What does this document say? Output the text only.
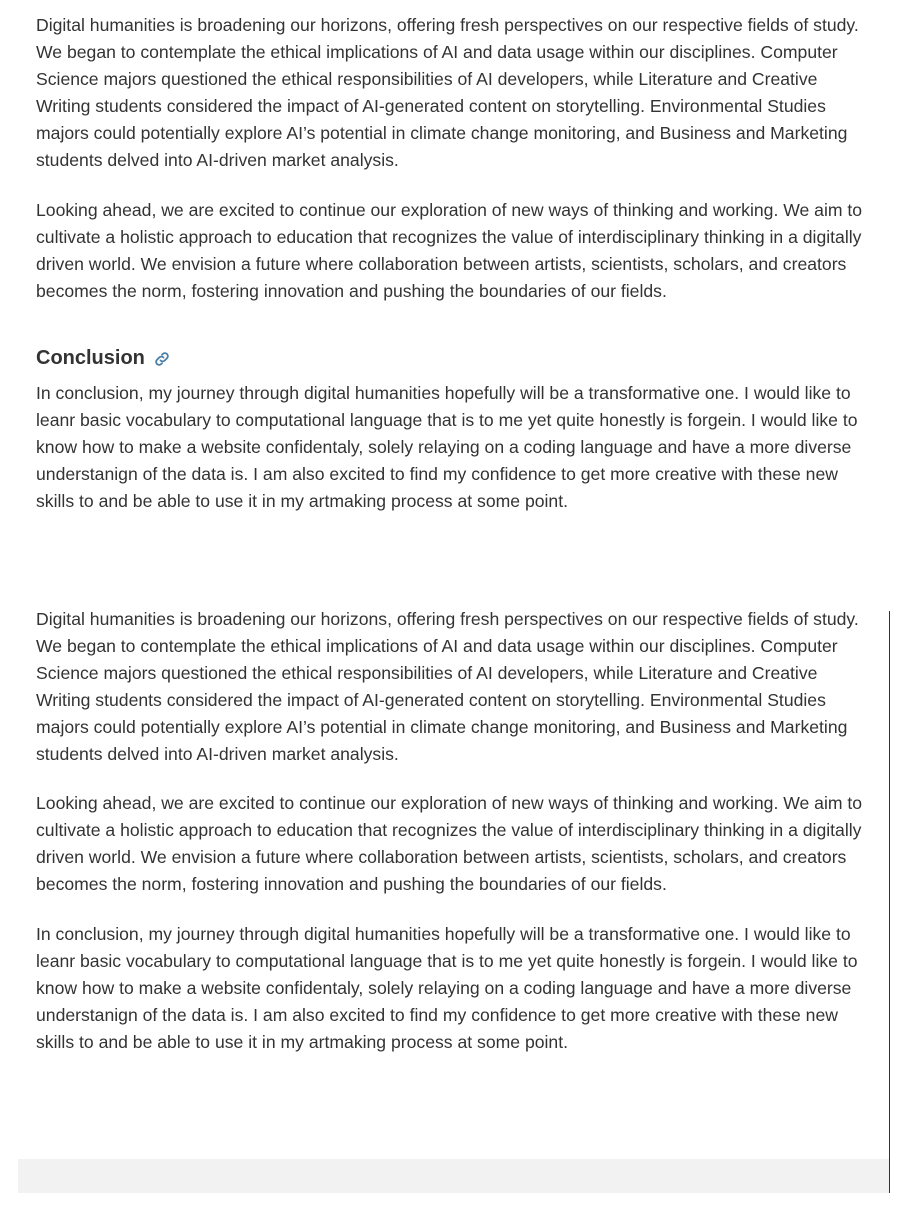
Digital humanities is broadening our horizons, offering fresh perspectives on our respective fields of study. We began to contemplate the ethical implications of AI and data usage within our disciplines. Computer Science majors questioned the ethical responsibilities of AI developers, while Literature and Creative Writing students considered the impact of AI-generated content on storytelling. Environmental Studies majors could potentially explore AI’s potential in climate change monitoring, and Business and Marketing students delved into AI-driven market analysis.

Looking ahead, we are excited to continue our exploration of new ways of thinking and working. We aim to cultivate a holistic approach to education that recognizes the value of interdisciplinary thinking in a digitally driven world. We envision a future where collaboration between artists, scientists, scholars, and creators becomes the norm, fostering innovation and pushing the boundaries of our fields.

Conclusion

In conclusion, my journey through digital humanities hopefully will be a transformative one. I would like to leanr basic vocabulary to computational language that is to me yet quite honestly is forgein. I would like to know how to make a website confidentaly, solely relaying on a coding language and have a more diverse understanign of the data is. I am also excited to find my confidence to get more creative with these new skills to and be able to use it in my artmaking process at some point.

Digital humanities is broadening our horizons, offering fresh perspectives on our respective fields of study. We began to contemplate the ethical implications of AI and data usage within our disciplines. Computer Science majors questioned the ethical responsibilities of AI developers, while Literature and Creative Writing students considered the impact of AI-generated content on storytelling. Environmental Studies majors could potentially explore AI’s potential in climate change monitoring, and Business and Marketing students delved into AI-driven market analysis.

Looking ahead, we are excited to continue our exploration of new ways of thinking and working. We aim to cultivate a holistic approach to education that recognizes the value of interdisciplinary thinking in a digitally driven world. We envision a future where collaboration between artists, scientists, scholars, and creators becomes the norm, fostering innovation and pushing the boundaries of our fields.

In conclusion, my journey through digital humanities hopefully will be a transformative one. I would like to leanr basic vocabulary to computational language that is to me yet quite honestly is forgein. I would like to know how to make a website confidentaly, solely relaying on a coding language and have a more diverse understanign of the data is. I am also excited to find my confidence to get more creative with these new skills to and be able to use it in my artmaking process at some point.
